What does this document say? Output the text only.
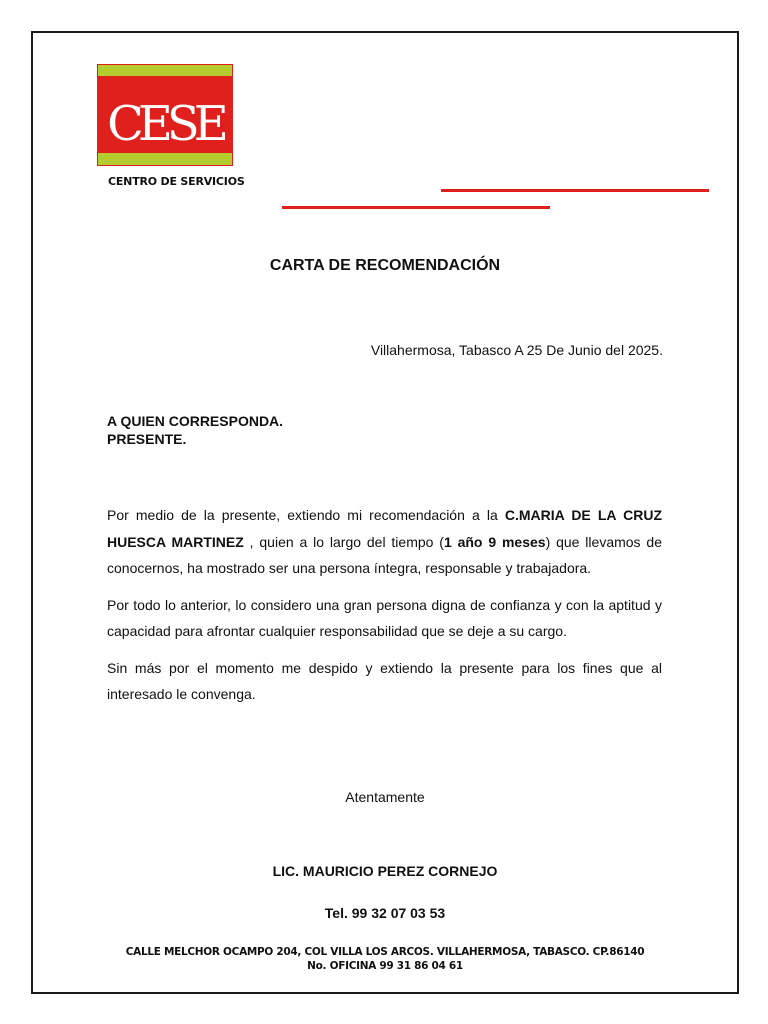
CESE
CENTRO DE SERVICIOS
CARTA DE RECOMENDACIÓN
Villahermosa, Tabasco A 25 De Junio del 2025.
A QUIEN CORRESPONDA.
PRESENTE.

Por medio de la presente, extiendo mi recomendación a la C.MARIA DE LA CRUZ HUESCA MARTINEZ , quien a lo largo del tiempo (1 año 9 meses) que llevamos de conocernos, ha mostrado ser una persona íntegra, responsable y trabajadora.

Por todo lo anterior, lo considero una gran persona digna de confianza y con la aptitud y capacidad para afrontar cualquier responsabilidad que se deje a su cargo.

Sin más por el momento me despido y extiendo la presente para los fines que al interesado le convenga.

Atentamente
LIC. MAURICIO PEREZ CORNEJO
Tel. 99 32 07 03 53
CALLE MELCHOR OCAMPO 204, COL VILLA LOS ARCOS. VILLAHERMOSA, TABASCO. CP.86140
No. OFICINA 99 31 86 04 61
